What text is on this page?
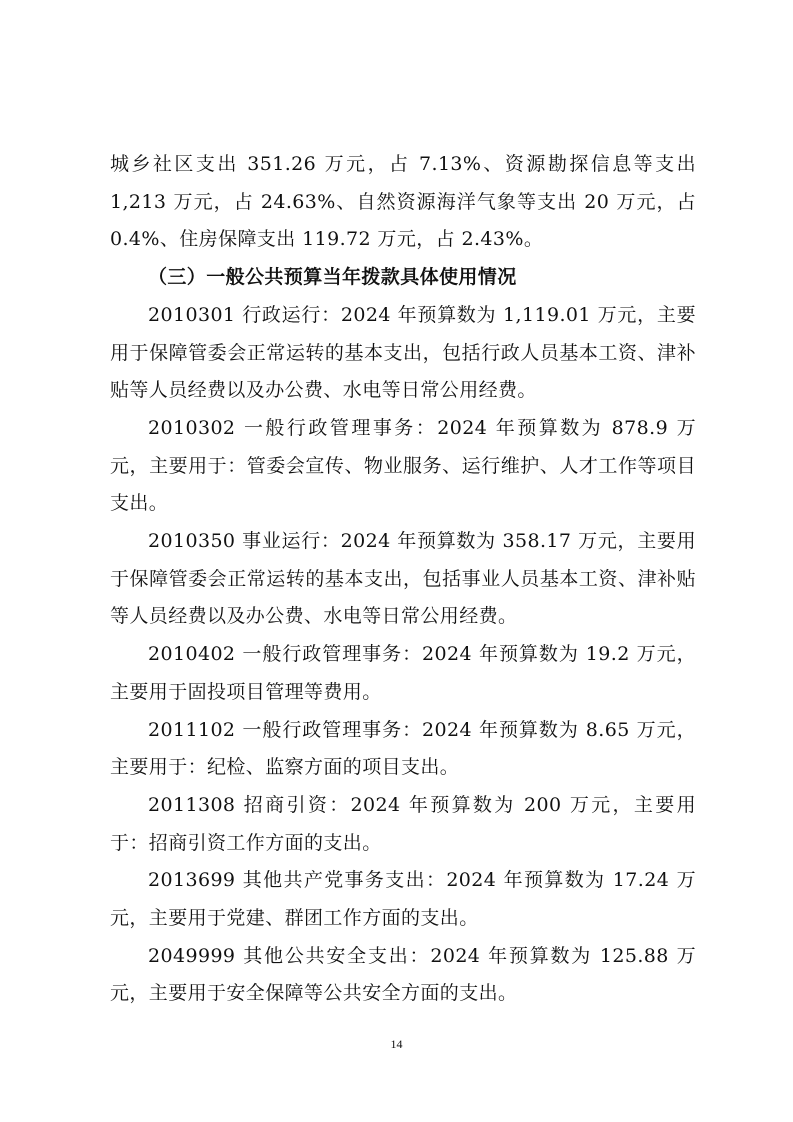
城乡社区支出 351.26 万元，占 7.13%、资源勘探信息等支出1,213 万元，占 24.63%、自然资源海洋气象等支出 20 万元，占0.4%、住房保障支出 119.72 万元，占 2.43%。

（三）一般公共预算当年拨款具体使用情况

2010301 行政运行：2024 年预算数为 1,119.01 万元，主要用于保障管委会正常运转的基本支出，包括行政人员基本工资、津补贴等人员经费以及办公费、水电等日常公用经费。

2010302 一般行政管理事务：2024 年预算数为 878.9 万元，主要用于：管委会宣传、物业服务、运行维护、人才工作等项目支出。

2010350 事业运行：2024 年预算数为 358.17 万元，主要用于保障管委会正常运转的基本支出，包括事业人员基本工资、津补贴等人员经费以及办公费、水电等日常公用经费。

2010402 一般行政管理事务：2024 年预算数为 19.2 万元，主要用于固投项目管理等费用。

2011102 一般行政管理事务：2024 年预算数为 8.65 万元，主要用于：纪检、监察方面的项目支出。

2011308 招商引资：2024 年预算数为 200 万元，主要用于：招商引资工作方面的支出。

2013699 其他共产党事务支出：2024 年预算数为 17.24 万元，主要用于党建、群团工作方面的支出。

2049999 其他公共安全支出：2024 年预算数为 125.88 万元，主要用于安全保障等公共安全方面的支出。

14
